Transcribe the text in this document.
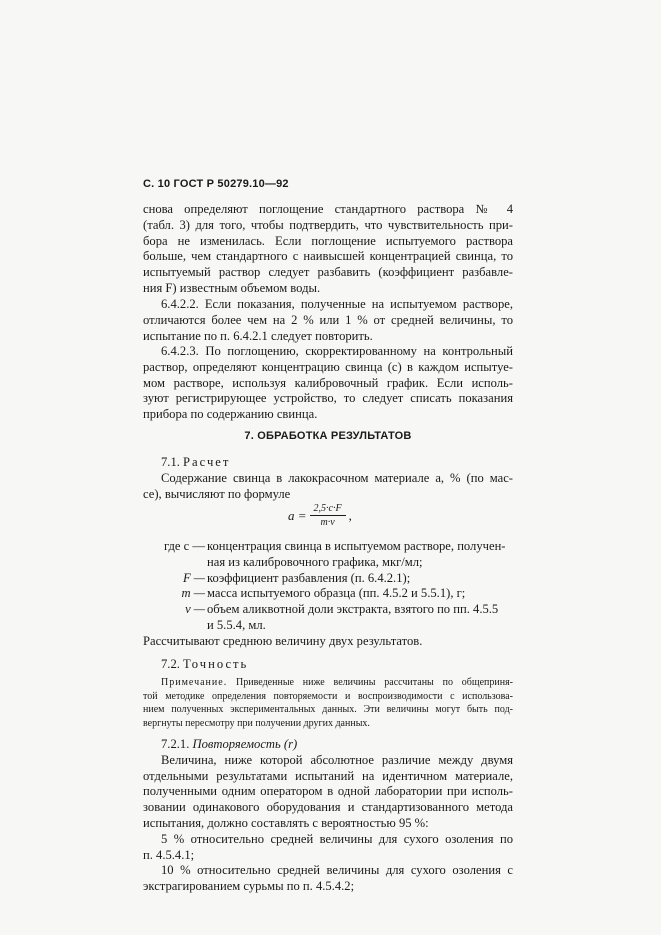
С. 10 ГОСТ Р 50279.10—92
снова определяют поглощение стандартного раствора № 4
(табл. 3) для того, чтобы подтвердить, что чувствительность при-
бора не изменилась. Если поглощение испытуемого раствора
больше, чем стандартного с наивысшей концентрацией свинца, то
испытуемый раствор следует разбавить (коэффициент разбавле-
ния F) известным объемом воды.
6.4.2.2. Если показания, полученные на испытуемом растворе,
отличаются более чем на 2 % или 1 % от средней величины, то
испытание по п. 6.4.2.1 следует повторить.
6.4.2.3. По поглощению, скорректированному на контрольный
раствор, определяют концентрацию свинца (с) в каждом испытуе-
мом растворе, используя калибровочный график. Если исполь-
зуют регистрирующее устройство, то следует списать показания
прибора по содержанию свинца.
7. ОБРАБОТКА РЕЗУЛЬТАТОВ
7.1. Расчет
Содержание свинца в лакокрасочном материале а, % (по мас-
се), вычисляют по формуле
$a = \frac{2,5\cdot c\cdot F}{m\cdot v}$ ,
где c — концентрация свинца в испытуемом растворе, получен-
ная из калибровочного графика, мкг/мл;
F — коэффициент разбавления (п. 6.4.2.1);
m — масса испытуемого образца (пп. 4.5.2 и 5.5.1), г;
v — объем аликвотной доли экстракта, взятого по пп. 4.5.5
и 5.5.4, мл.
Рассчитывают среднюю величину двух результатов.
7.2. Точность
Примечание. Приведенные ниже величины рассчитаны по общеприня-
той методике определения повторяемости и воспроизводимости с использова-
нием полученных экспериментальных данных. Эти величины могут быть под-
вергнуты пересмотру при получении других данных.
7.2.1. Повторяемость (r)
Величина, ниже которой абсолютное различие между двумя
отдельными результатами испытаний на идентичном материале,
полученными одним оператором в одной лаборатории при исполь-
зовании одинакового оборудования и стандартизованного метода
испытания, должно составлять с вероятностью 95 %:
5 % относительно средней величины для сухого озоления по
п. 4.5.4.1;
10 % относительно средней величины для сухого озоления с
экстрагированием сурьмы по п. 4.5.4.2;
